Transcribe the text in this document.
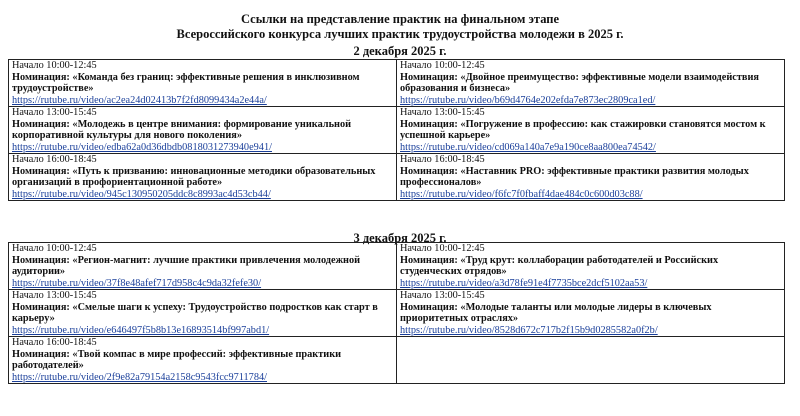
Ссылки на представление практик на финальном этапе
Всероссийского конкурса лучших практик трудоустройства молодежи в 2025 г.
2 декабря 2025 г.
Начало 10:00-12:45
Номинация: «Команда без границ: эффективные решения в инклюзивном трудоустройстве»
https://rutube.ru/video/ac2ea24d02413b7f2fd8099434a2e44a/	Начало 10:00-12:45
Номинация: «Двойное преимущество: эффективные модели взаимодействия образования и бизнеса»
https://rutube.ru/video/b69d4764e202efda7e873ec2809ca1ed/

Начало 13:00-15:45
Номинация: «Молодежь в центре внимания: формирование уникальной корпоративной культуры для нового поколения»
https://rutube.ru/video/edba62a0d36dbdb0818031273940e941/	Начало 13:00-15:45
Номинация: «Погружение в профессию: как стажировки становятся мостом к успешной карьере»
https://rutube.ru/video/cd069a140a7e9a190ce8aa800ea74542/

Начало 16:00-18:45
Номинация: «Путь к призванию: инновационные методики образовательных организаций в профориентационной работе»
https://rutube.ru/video/945c130950205ddc8c8993ac4d53cb44/	Начало 16:00-18:45
Номинация: «Наставник PRO: эффективные практики развития молодых профессионалов»
https://rutube.ru/video/f6fc7f0fbaff4dae484c0c600d03c88/
3 декабря 2025 г.
Начало 10:00-12:45
Номинация: «Регион-магнит: лучшие практики привлечения молодежной аудитории»
https://rutube.ru/video/37f8e48afef717d958c4c9da32fefe30/	Начало 10:00-12:45
Номинация: «Труд крут: коллаборации работодателей и Российских студенческих отрядов»
https://rutube.ru/video/a3d78fe91e4f7735bce2dcf5102aa53/

Начало 13:00-15:45
Номинация: «Смелые шаги к успеху: Трудоустройство подростков как старт в карьеру»
https://rutube.ru/video/e646497f5b8b13e16893514bf997abd1/	Начало 13:00-15:45
Номинация: «Молодые таланты или молодые лидеры в ключевых приоритетных отраслях»
https://rutube.ru/video/8528d672c717b2f15b9d0285582a0f2b/

Начало 16:00-18:45
Номинация: «Твой компас в мире профессий: эффективные практики работодателей»
https://rutube.ru/video/2f9e82a79154a2158c9543fcc9711784/	
